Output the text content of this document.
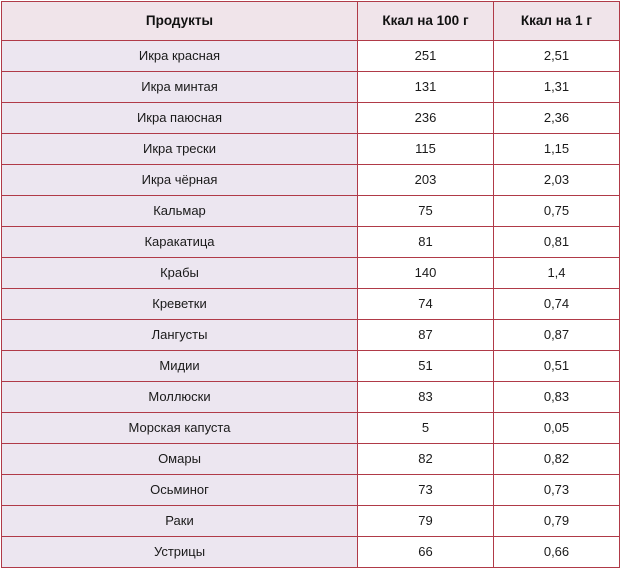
Продукты	Ккал на 100 г	Ккал на 1 г
Икра красная	251	2,51
Икра минтая	131	1,31
Икра паюсная	236	2,36
Икра трески	115	1,15
Икра чёрная	203	2,03
Кальмар	75	0,75
Каракатица	81	0,81
Крабы	140	1,4
Креветки	74	0,74
Лангусты	87	0,87
Мидии	51	0,51
Моллюски	83	0,83
Морская капуста	5	0,05
Омары	82	0,82
Осьминог	73	0,73
Раки	79	0,79
Устрицы	66	0,66
